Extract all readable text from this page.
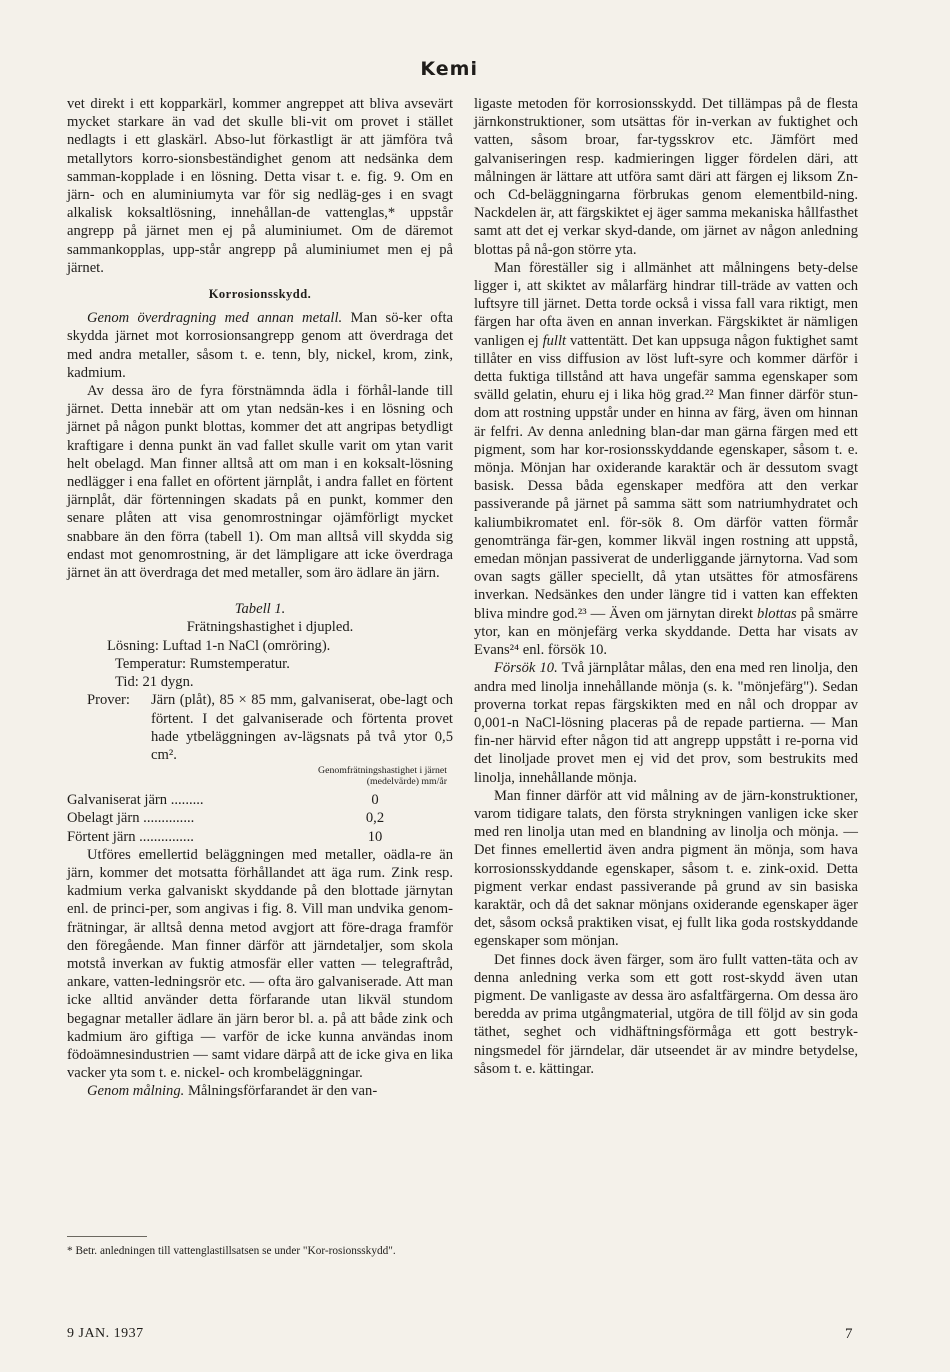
Kemi

vet direkt i ett kopparkärl, kommer angreppet att bliva avsevärt mycket starkare än vad det skulle bli-vit om provet i stället nedlagts i ett glaskärl. Abso-lut förkastligt är att jämföra två metallytors korro-sionsbeständighet genom att nedsänka dem samman-kopplade i en lösning. Detta visar t. e. fig. 9. Om en järn- och en aluminiumyta var för sig nedläg-ges i en svagt alkalisk koksaltlösning, innehållan-de vattenglas,* uppstår angrepp på järnet men ej på aluminiumet. Om de däremot sammankopplas, upp-står angrepp på aluminiumet men ej på järnet.

Korrosionsskydd.

Genom överdragning med annan metall. Man sö-ker ofta skydda järnet mot korrosionsangrepp genom att överdraga det med andra metaller, såsom t. e. tenn, bly, nickel, krom, zink, kadmium.

Av dessa äro de fyra förstnämnda ädla i förhål-lande till järnet. Detta innebär att om ytan nedsän-kes i en lösning och järnet på någon punkt blottas, kommer det att angripas betydligt kraftigare i denna punkt än vad fallet skulle varit om ytan varit helt obelagd. Man finner alltså att om man i en koksalt-lösning nedlägger i ena fallet en oförtent järnplåt, i andra fallet en förtent järnplåt, där förtenningen skadats på en punkt, kommer den senare plåten att visa genomrostningar ojämförligt mycket snabbare än den förra (tabell 1). Om man alltså vill skydda sig endast mot genomrostning, är det lämpligare att icke överdraga järnet än att överdraga det med metaller, som äro ädlare än järn.

Tabell 1.

Frätningshastighet i djupled.

Lösning: Luftad 1-n NaCl (omröring).

Temperatur: Rumstemperatur.

Tid: 21 dygn.

Prover:	Järn (plåt), 85 × 85 mm, galvaniserat, obe-lagt och förtent. I det galvaniserade och förtenta provet hade ytbeläggningen av-lägsnats på två ytor 0,5 cm².
Genomfrätningshastighet i järnet
(medelvärde) mm/år
Galvaniserat järn .........	0
Obelagt järn ..............	0,2
Förtent järn ...............	10

Utföres emellertid beläggningen med metaller, oädla-re än järn, kommer det motsatta förhållandet att äga rum. Zink resp. kadmium verka galvaniskt skyddande på den blottade järnytan enl. de princi-per, som angivas i fig. 8. Vill man undvika genom-frätningar, är alltså denna metod avgjort att före-draga framför den föregående. Man finner därför att järndetaljer, som skola motstå inverkan av fuktig atmosfär eller vatten — telegraftråd, ankare, vatten-ledningsrör etc. — ofta äro galvaniserade. Att man icke alltid använder detta förfarande utan likväl stundom begagnar metaller ädlare än järn beror bl. a. på att både zink och kadmium äro giftiga — varför de icke kunna användas inom födoämnesindustrien — samt vidare därpå att de icke giva en lika vacker yta som t. e. nickel- och krombeläggningar.

Genom målning. Målningsförfarandet är den van-

* Betr. anledningen till vattenglastillsatsen se under "Kor-rosionsskydd".

ligaste metoden för korrosionsskydd. Det tillämpas på de flesta järnkonstruktioner, som utsättas för in-verkan av fuktighet och vatten, såsom broar, far-tygsskrov etc. Jämfört med galvaniseringen resp. kadmieringen ligger fördelen däri, att målningen är lättare att utföra samt däri att färgen ej liksom Zn- och Cd-beläggningarna förbrukas genom elementbild-ning. Nackdelen är, att färgskiktet ej äger samma mekaniska hållfasthet samt att det ej verkar skyd-dande, om järnet av någon anledning blottas på nå-gon större yta.

Man föreställer sig i allmänhet att målningens bety-delse ligger i, att skiktet av målarfärg hindrar till-träde av vatten och luftsyre till järnet. Detta torde också i vissa fall vara riktigt, men färgen har ofta även en annan inverkan. Färgskiktet är nämligen vanligen ej fullt vattentätt. Det kan uppsuga någon fuktighet samt tillåter en viss diffusion av löst luft-syre och kommer därför i detta fuktiga tillstånd att hava ungefär samma egenskaper som svälld gelatin, ehuru ej i lika hög grad.²² Man finner därför stun-dom att rostning uppstår under en hinna av färg, även om hinnan är felfri. Av denna anledning blan-dar man gärna färgen med ett pigment, som har kor-rosionsskyddande egenskaper, såsom t. e. mönja. Mönjan har oxiderande karaktär och är dessutom svagt basisk. Dessa båda egenskaper medföra att den verkar passiverande på järnet på samma sätt som natriumhydratet och kaliumbikromatet enl. för-sök 8. Om därför vatten förmår genomtränga fär-gen, kommer likväl ingen rostning att uppstå, emedan mönjan passiverat de underliggande järnytorna. Vad som ovan sagts gäller speciellt, då ytan utsättes för atmosfärens inverkan. Nedsänkes den under längre tid i vatten kan effekten bliva mindre god.²³ — Även om järnytan direkt blottas på smärre ytor, kan en mönjefärg verka skyddande. Detta har visats av Evans²⁴ enl. försök 10.

Försök 10. Två järnplåtar målas, den ena med ren linolja, den andra med linolja innehållande mönja (s. k. "mönjefärg"). Sedan proverna torkat repas färgskikten med en nål och droppar av 0,001-n NaCl-lösning placeras på de repade partierna. — Man fin-ner härvid efter någon tid att angrepp uppstått i re-porna vid det linoljade provet men ej vid det prov, som bestrukits med linolja, innehållande mönja.

Man finner därför att vid målning av de järn-konstruktioner, varom tidigare talats, den första strykningen vanligen icke sker med ren linolja utan med en blandning av linolja och mönja. — Det finnes emellertid även andra pigment än mönja, som hava korrosionsskyddande egenskaper, såsom t. e. zink-oxid. Detta pigment verkar endast passiverande på grund av sin basiska karaktär, och då det saknar mönjans oxiderande egenskaper äger det, såsom också praktiken visat, ej fullt lika goda rostskyddande egenskaper som mönjan.

Det finnes dock även färger, som äro fullt vatten-täta och av denna anledning verka som ett gott rost-skydd även utan pigment. De vanligaste av dessa äro asfaltfärgerna. Om dessa äro beredda av prima utgångmaterial, utgöra de till följd av sin goda täthet, seghet och vidhäftningsförmåga ett gott bestryk-ningsmedel för järndelar, där utseendet är av mindre betydelse, såsom t. e. kättingar.

9 JAN. 1937	7
